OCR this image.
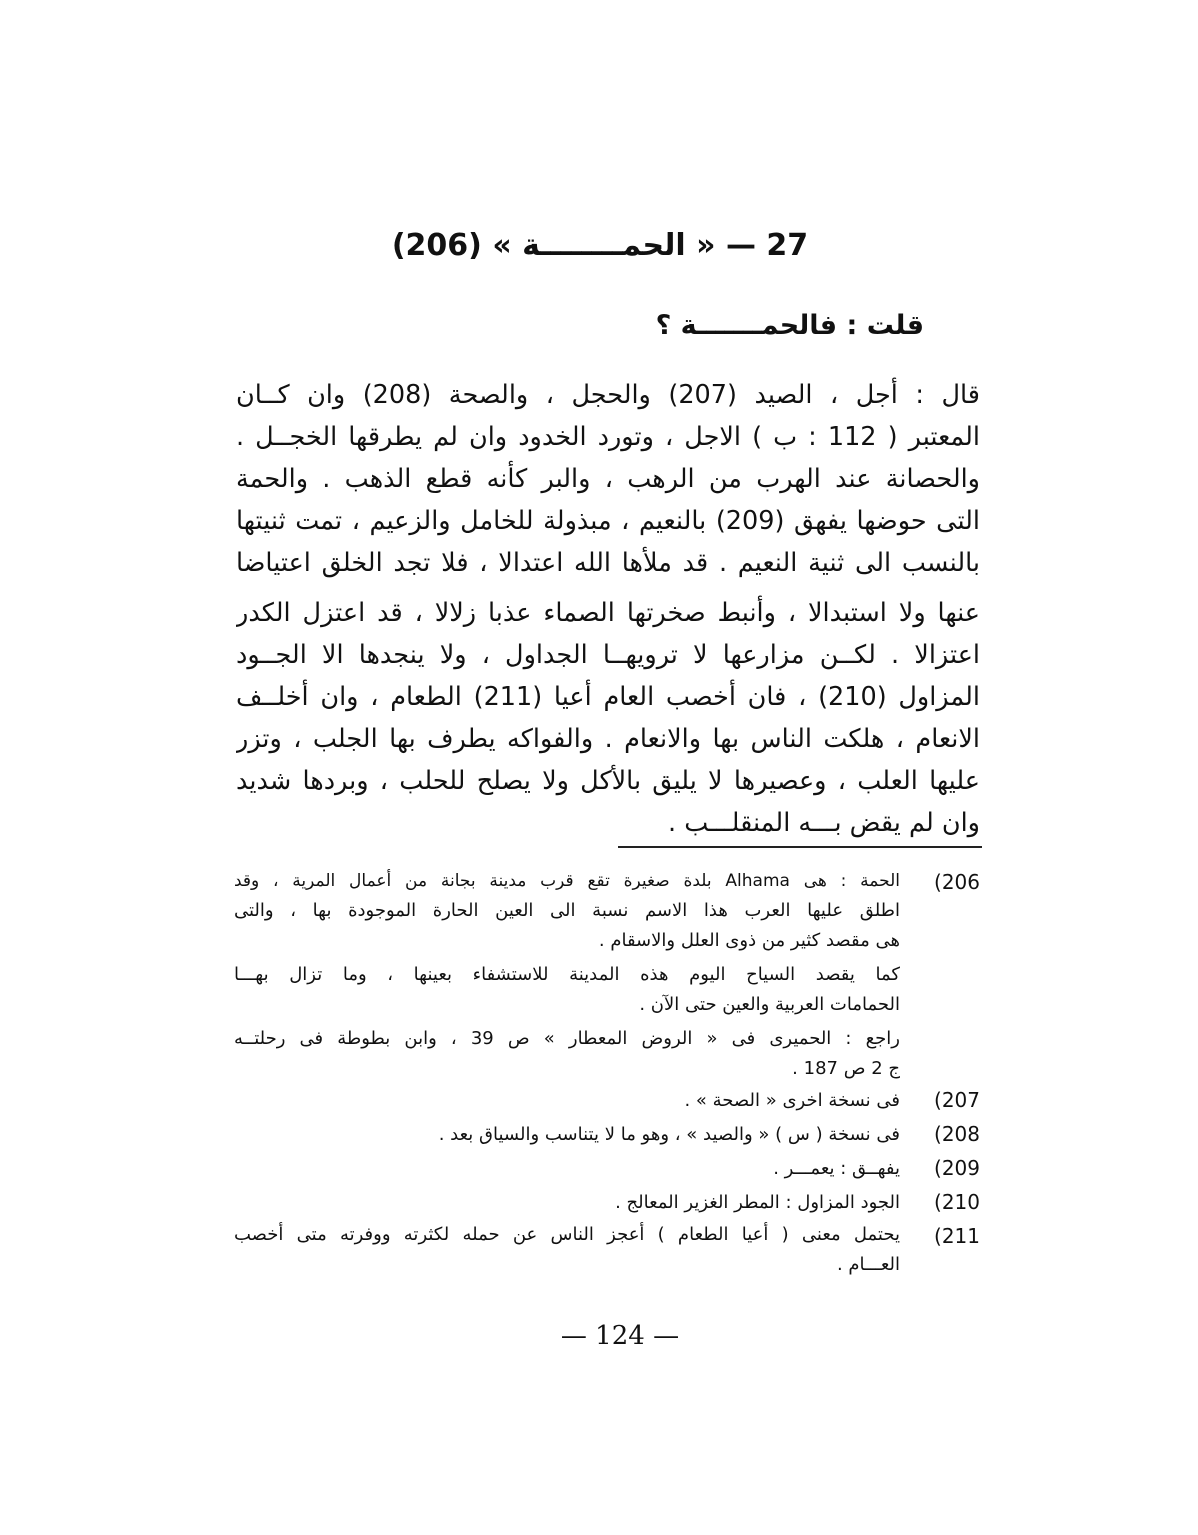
27 — « الحمــــــــة » (206)
قلت : فالحمـــــــة ؟
قال : أجل ، الصيد (207) والحجل ، والصحة (208) وان كــان
المعتبر ( 112 : ب ) الاجل ، وتورد الخدود وان لم يطرقها الخجــل .
والحصانة عند الهرب من الرهب ، والبر كأنه قطع الذهب . والحمة
التى حوضها يفهق (209) بالنعيم ، مبذولة للخامل والزعيم ، تمت ثنيتها
بالنسب الى ثنية النعيم . قد ملأها الله اعتدالا ، فلا تجد الخلق اعتياضا
عنها ولا استبدالا ، وأنبط صخرتها الصماء عذبا زلالا ، قد اعتزل الكدر
اعتزالا . لكــن مزارعها لا ترويهــا الجداول ، ولا ينجدها الا الجــود
المزاول (210) ، فان أخصب العام أعيا (211) الطعام ، وان أخلــف
الانعام ، هلكت الناس بها والانعام . والفواكه يطرف بها الجلب ، وتزر
عليها العلب ، وعصيرها لا يليق بالأكل ولا يصلح للحلب ، وبردها شديد
وان لم يقض بـــه المنقلـــب .
(206
الحمة : هى Alhama بلدة صغيرة تقع قرب مدينة بجانة من أعمال المرية ، وقد
اطلق عليها العرب هذا الاسم نسبة الى العين الحارة الموجودة بها ، والتى
هى مقصد كثير من ذوى العلل والاسقام .
كما يقصد السياح اليوم هذه المدينة للاستشفاء بعينها ، وما تزال بهـــا
الحمامات العربية والعين حتى الآن .
راجع : الحميرى فى « الروض المعطار » ص 39 ، وابن بطوطة فى رحلتــه
ج 2 ص 187 .
(207
فى نسخة اخرى « الصحة » .
(208
فى نسخة ( س ) « والصيد » ، وهو ما لا يتناسب والسياق بعد .
(209
يفهــق : يعمـــر .
(210
الجود المزاول : المطر الغزير المعالج .
(211
يحتمل معنى ( أعيا الطعام ) أعجز الناس عن حمله لكثرته ووفرته متى أخصب
العـــام .
— 124 —
